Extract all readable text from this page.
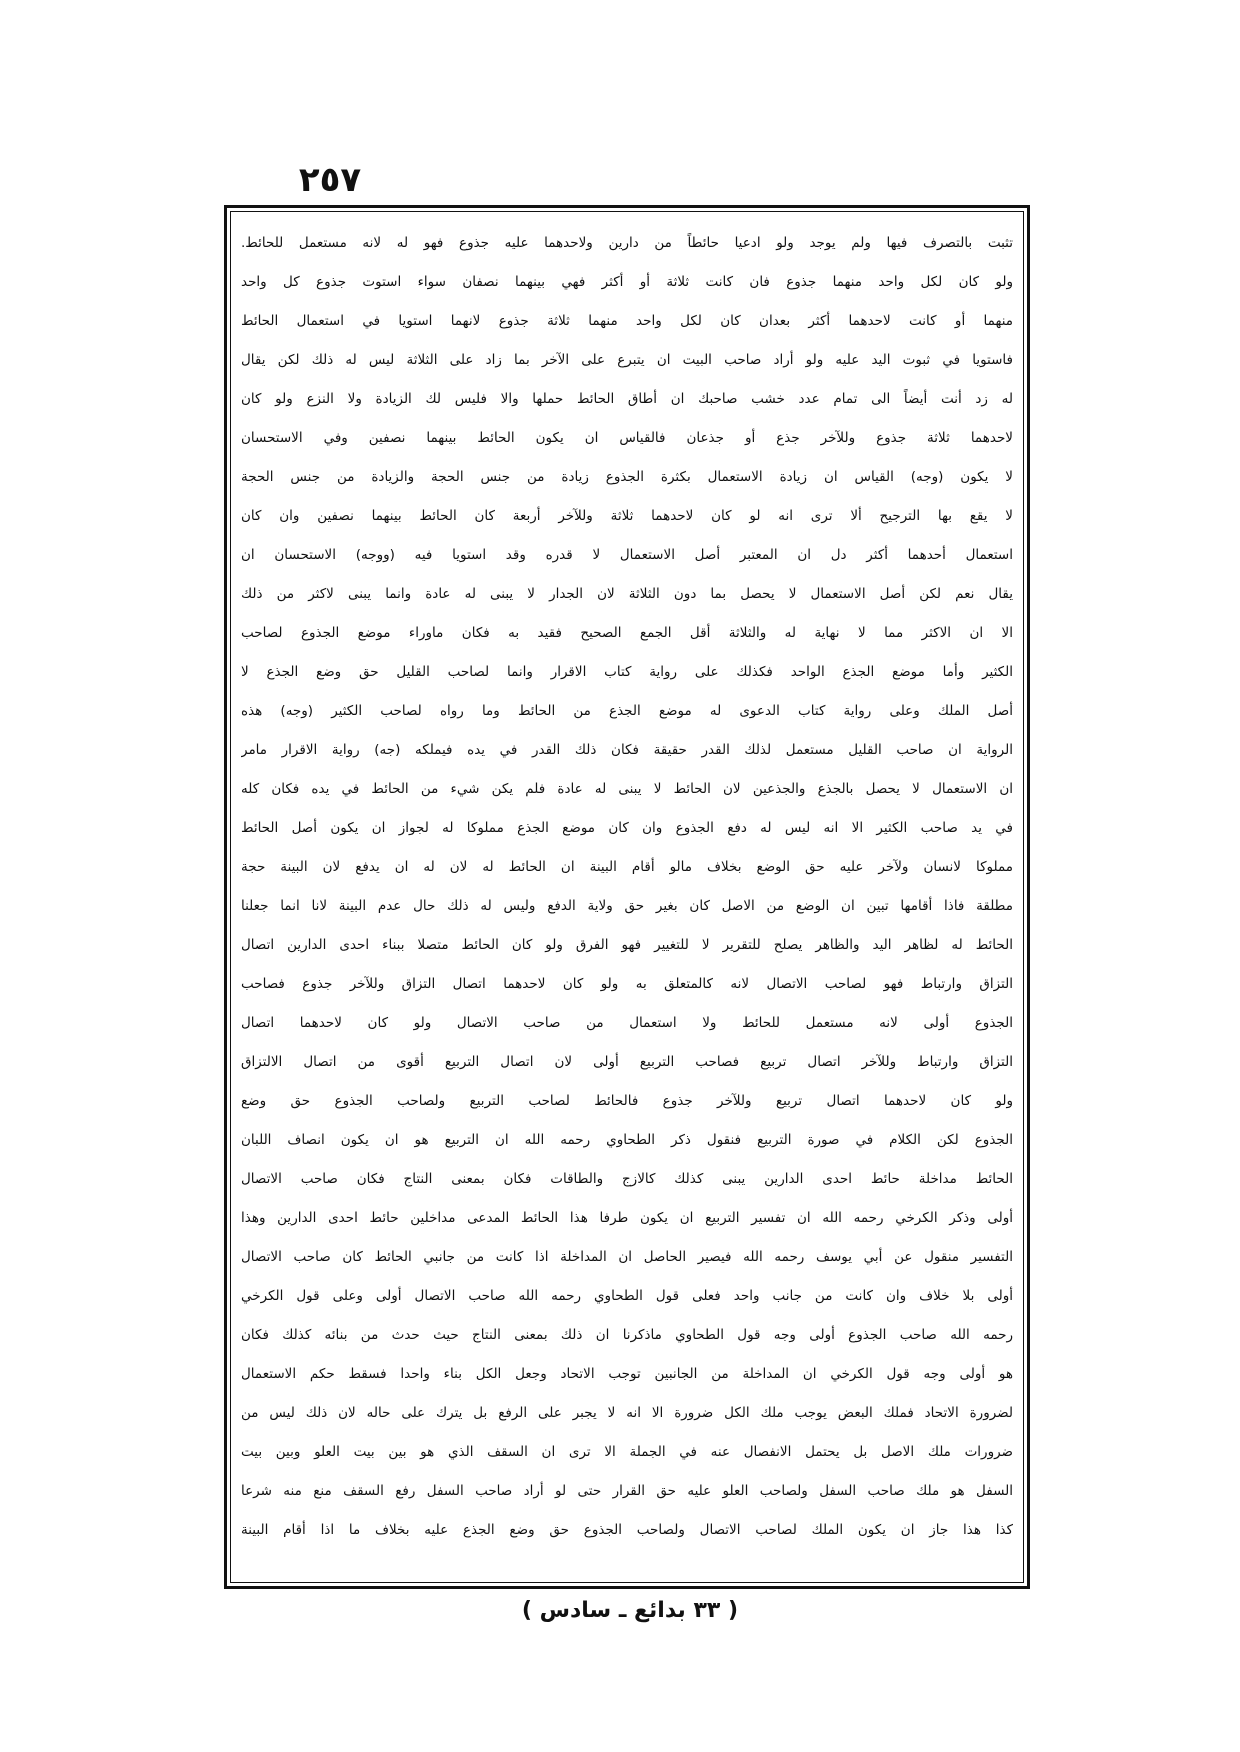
٢٥٧
تثبت بالتصرف فيها ولم يوجد ولو ادعيا حائطاً من دارين ولاحدهما عليه جذوع فهو له لانه مستعمل للحائط.
ولو كان لكل واحد منهما جذوع فان كانت ثلاثة أو أكثر فهي بينهما نصفان سواء استوت جذوع كل واحد
منهما أو كانت لاحدهما أكثر بعدان كان لكل واحد منهما ثلاثة جذوع لانهما استويا في استعمال الحائط
فاستويا في ثبوت اليد عليه ولو أراد صاحب البيت ان يتبرع على الآخر بما زاد على الثلاثة ليس له ذلك لكن يقال
له زد أنت أيضاً الى تمام عدد خشب صاحبك ان أطاق الحائط حملها والا فليس لك الزيادة ولا النزع ولو كان
لاحدهما ثلاثة جذوع وللآخر جذع أو جذعان فالقياس ان يكون الحائط بينهما نصفين وفي الاستحسان
لا يكون (وجه) القياس ان زيادة الاستعمال بكثرة الجذوع زيادة من جنس الحجة والزيادة من جنس الحجة
لا يقع بها الترجيح ألا ترى انه لو كان لاحدهما ثلاثة وللآخر أربعة كان الحائط بينهما نصفين وان كان
استعمال أحدهما أكثر دل ان المعتبر أصل الاستعمال لا قدره وقد استويا فيه (ووجه) الاستحسان ان
يقال نعم لكن أصل الاستعمال لا يحصل بما دون الثلاثة لان الجدار لا يبنى له عادة وانما يبنى لاكثر من ذلك
الا ان الاكثر مما لا نهاية له والثلاثة أقل الجمع الصحيح فقيد به فكان ماوراء موضع الجذوع لصاحب
الكثير وأما موضع الجذع الواحد فكذلك على رواية كتاب الاقرار وانما لصاحب القليل حق وضع الجذع لا
أصل الملك وعلى رواية كتاب الدعوى له موضع الجذع من الحائط وما رواه لصاحب الكثير (وجه) هذه
الرواية ان صاحب القليل مستعمل لذلك القدر حقيقة فكان ذلك القدر في يده فيملكه (جه) رواية الاقرار مامر
ان الاستعمال لا يحصل بالجذع والجذعين لان الحائط لا يبنى له عادة فلم يكن شيء من الحائط في يده فكان كله
في يد صاحب الكثير الا انه ليس له دفع الجذوع وان كان موضع الجذع مملوكا له لجواز ان يكون أصل الحائط
مملوكا لانسان ولآخر عليه حق الوضع بخلاف مالو أقام البينة ان الحائط له لان له ان يدفع لان البينة حجة
مطلقة فاذا أقامها تبين ان الوضع من الاصل كان بغير حق ولاية الدفع وليس له ذلك حال عدم البينة لانا انما جعلنا
الحائط له لظاهر اليد والظاهر يصلح للتقرير لا للتغيير فهو الفرق ولو كان الحائط متصلا ببناء احدى الدارين اتصال
التزاق وارتباط فهو لصاحب الاتصال لانه كالمتعلق به ولو كان لاحدهما اتصال التزاق وللآخر جذوع فصاحب
الجذوع أولى لانه مستعمل للحائط ولا استعمال من صاحب الاتصال ولو كان لاحدهما اتصال
التزاق وارتباط وللآخر اتصال تربيع فصاحب التربيع أولى لان اتصال التربيع أقوى من اتصال الالتزاق
ولو كان لاحدهما اتصال تربيع وللآخر جذوع فالحائط لصاحب التربيع ولصاحب الجذوع حق وضع
الجذوع لكن الكلام في صورة التربيع فنقول ذكر الطحاوي رحمه الله ان التربيع هو ان يكون انصاف اللبان
الحائط مداخلة حائط احدى الدارين يبنى كذلك كالازج والطاقات فكان بمعنى النتاج فكان صاحب الاتصال
أولى وذكر الكرخي رحمه الله ان تفسير التربيع ان يكون طرفا هذا الحائط المدعى مداخلين حائط احدى الدارين وهذا
التفسير منقول عن أبي يوسف رحمه الله فيصير الحاصل ان المداخلة اذا كانت من جانبي الحائط كان صاحب الاتصال
أولى بلا خلاف وان كانت من جانب واحد فعلى قول الطحاوي رحمه الله صاحب الاتصال أولى وعلى قول الكرخي
رحمه الله صاحب الجذوع أولى وجه قول الطحاوي ماذكرنا ان ذلك بمعنى النتاج حيث حدث من بنائه كذلك فكان
هو أولى وجه قول الكرخي ان المداخلة من الجانبين توجب الاتحاد وجعل الكل بناء واحدا فسقط حكم الاستعمال
لضرورة الاتحاد فملك البعض يوجب ملك الكل ضرورة الا انه لا يجبر على الرفع بل يترك على حاله لان ذلك ليس من
ضرورات ملك الاصل بل يحتمل الانفصال عنه في الجملة الا ترى ان السقف الذي هو بين بيت العلو وبين بيت
السفل هو ملك صاحب السفل ولصاحب العلو عليه حق القرار حتى لو أراد صاحب السفل رفع السقف منع منه شرعا
كذا هذا جاز ان يكون الملك لصاحب الاتصال ولصاحب الجذوع حق وضع الجذع عليه بخلاف ما اذا أقام البينة
( ٣٣ بدائع ـ سادس )
